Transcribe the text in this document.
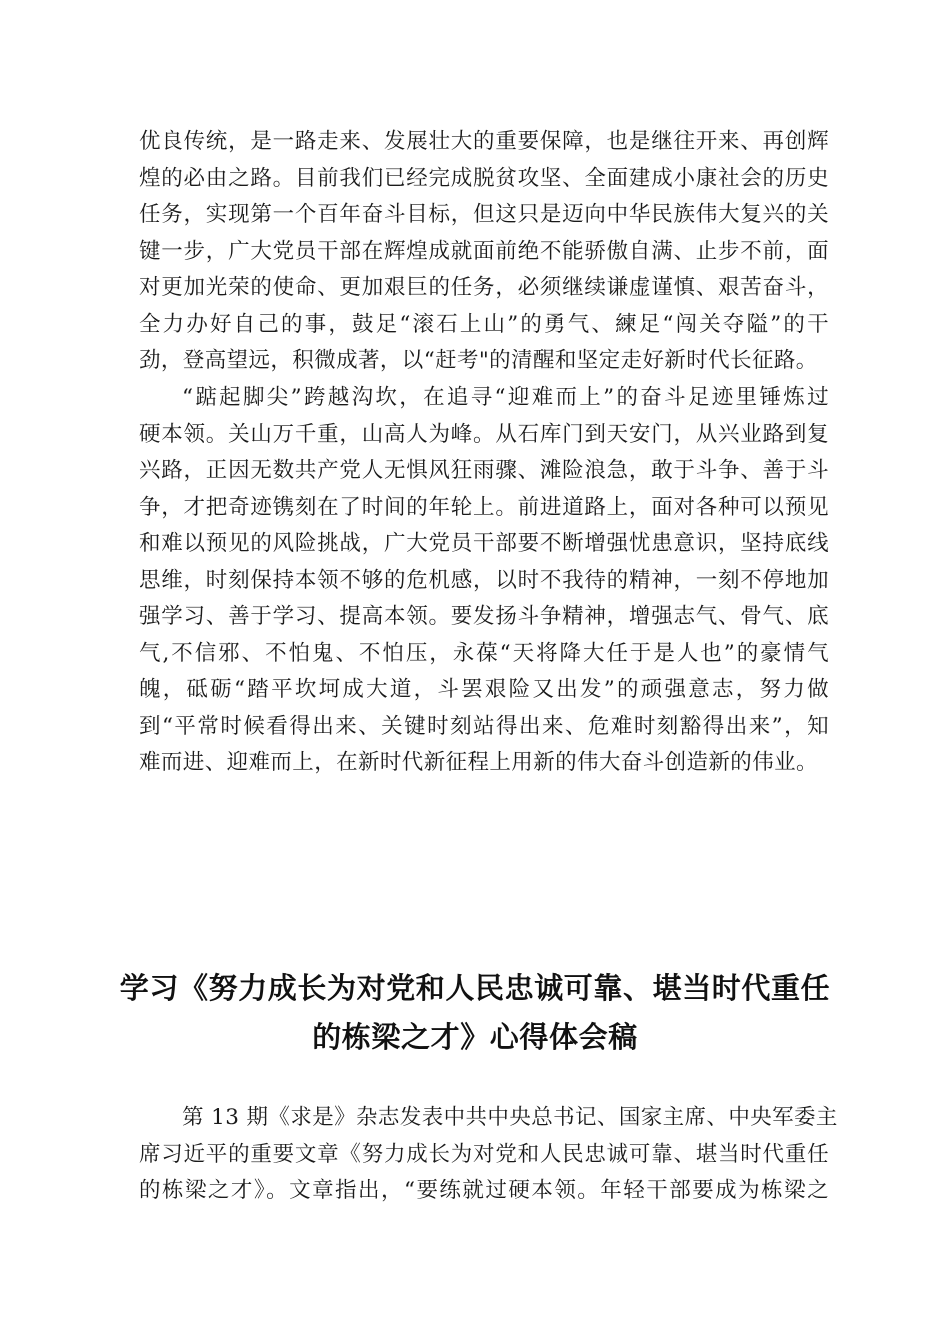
优良传统，是一路走来、发展壮大的重要保障，也是继往开来、再创辉
煌的必由之路。目前我们已经完成脱贫攻坚、全面建成小康社会的历史
任务，实现第一个百年奋斗目标，但这只是迈向中华民族伟大复兴的关
键一步，广大党员干部在辉煌成就面前绝不能骄傲自满、止步不前，面
对更加光荣的使命、更加艰巨的任务，必须继续谦虚谨慎、艰苦奋斗，
全力办好自己的事，鼓足“滚石上山”的勇气、練足“闯关夺隘”的干
劲，登高望远，积微成著，以“赶考"的清醒和坚定走好新时代长征路。
“踮起脚尖”跨越沟坎，在追寻“迎难而上”的奋斗足迹里锤炼过
硬本领。关山万千重，山高人为峰。从石库门到天安门，从兴业路到复
兴路，正因无数共产党人无惧风狂雨骤、滩险浪急，敢于斗争、善于斗
争，才把奇迹镌刻在了时间的年轮上。前进道路上，面对各种可以预见
和难以预见的风险挑战，广大党员干部要不断增强忧患意识，坚持底线
思维，时刻保持本领不够的危机感，以时不我待的精神，一刻不停地加
强学习、善于学习、提高本领。要发扬斗争精神，增强志气、骨气、底
气,不信邪、不怕鬼、不怕压，永葆“天将降大任于是人也”的豪情气
魄，砥砺“踏平坎坷成大道，斗罢艰险又出发”的顽强意志，努力做
到“平常时候看得出来、关键时刻站得出来、危难时刻豁得出来”，知
难而进、迎难而上，在新时代新征程上用新的伟大奋斗创造新的伟业。
学习《努力成长为对党和人民忠诚可靠、堪当时代重任
的栋梁之才》心得体会稿
第 13 期《求是》杂志发表中共中央总书记、国家主席、中央军委主
席习近平的重要文章《努力成长为对党和人民忠诚可靠、堪当时代重任
的栋梁之才》。文章指出，“要练就过硬本领。年轻干部要成为栋梁之
